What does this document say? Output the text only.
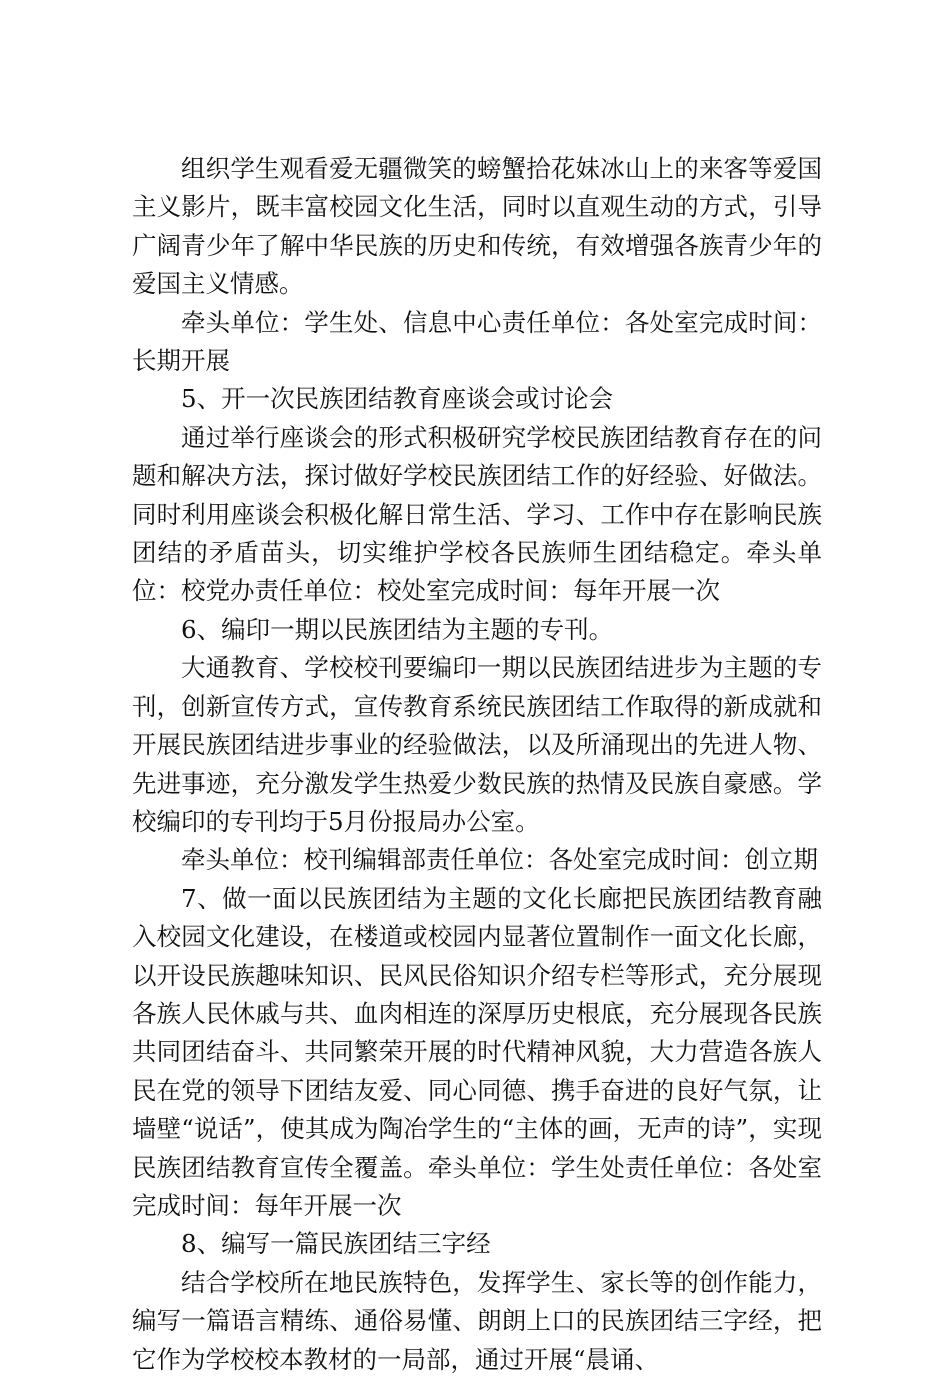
组织学生观看爱无疆微笑的螃蟹拾花妹冰山上的来客等爱国主义影片，既丰富校园文化生活，同时以直观生动的方式，引导广阔青少年了解中华民族的历史和传统，有效增强各族青少年的爱国主义情感。

牵头单位：学生处、信息中心责任单位：各处室完成时间：长期开展

5、开一次民族团结教育座谈会或讨论会

通过举行座谈会的形式积极研究学校民族团结教育存在的问题和解决方法，探讨做好学校民族团结工作的好经验、好做法。同时利用座谈会积极化解日常生活、学习、工作中存在影响民族团结的矛盾苗头，切实维护学校各民族师生团结稳定。牵头单位：校党办责任单位：校处室完成时间：每年开展一次

6、编印一期以民族团结为主题的专刊。

大通教育、学校校刊要编印一期以民族团结进步为主题的专刊，创新宣传方式，宣传教育系统民族团结工作取得的新成就和开展民族团结进步事业的经验做法，以及所涌现出的先进人物、先进事迹，充分激发学生热爱少数民族的热情及民族自豪感。学校编印的专刊均于5月份报局办公室。

牵头单位：校刊编辑部责任单位：各处室完成时间：创立期

7、做一面以民族团结为主题的文化长廊把民族团结教育融入校园文化建设，在楼道或校园内显著位置制作一面文化长廊，以开设民族趣味知识、民风民俗知识介绍专栏等形式，充分展现各族人民休戚与共、血肉相连的深厚历史根底，充分展现各民族共同团结奋斗、共同繁荣开展的时代精神风貌，大力营造各族人民在党的领导下团结友爱、同心同德、携手奋进的良好气氛，让墙壁“说话”，使其成为陶冶学生的“主体的画，无声的诗”，实现民族团结教育宣传全覆盖。牵头单位：学生处责任单位：各处室完成时间：每年开展一次

8、编写一篇民族团结三字经

结合学校所在地民族特色，发挥学生、家长等的创作能力，编写一篇语言精练、通俗易懂、朗朗上口的民族团结三字经，把它作为学校校本教材的一局部，通过开展“晨诵、
